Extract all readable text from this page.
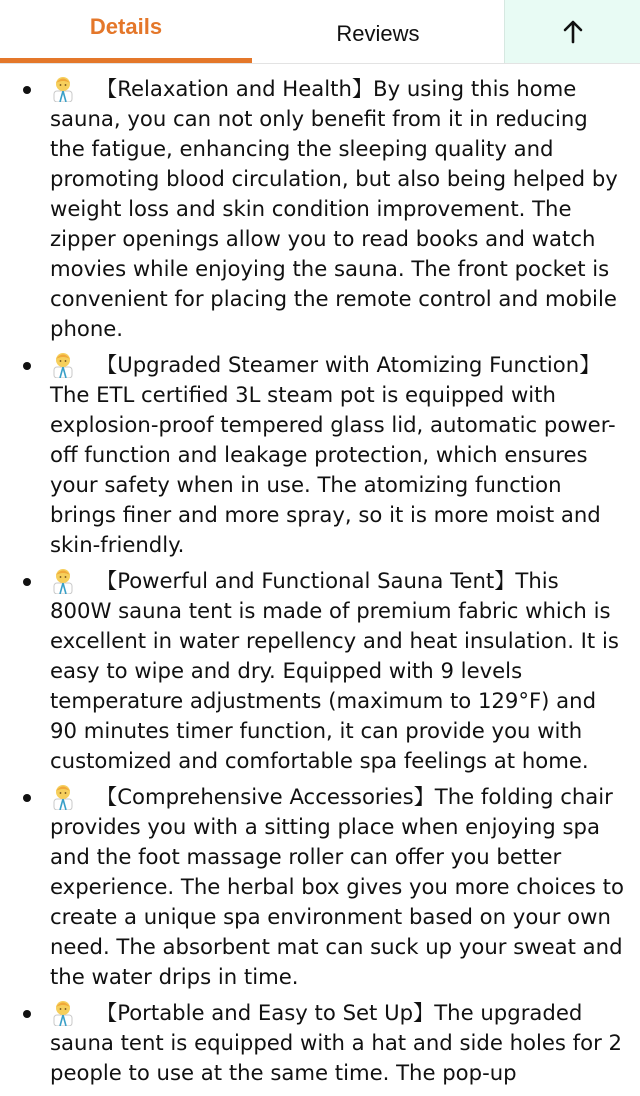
Details	Reviews
【Relaxation and Health】By using this home sauna, you can not only benefit from it in reducing the fatigue, enhancing the sleeping quality and promoting blood circulation, but also being helped by weight loss and skin condition improvement. The zipper openings allow you to read books and watch movies while enjoying the sauna. The front pocket is convenient for placing the remote control and mobile phone.
【Upgraded Steamer with Atomizing Function】The ETL certified 3L steam pot is equipped with explosion-proof tempered glass lid, automatic power-off function and leakage protection, which ensures your safety when in use. The atomizing function brings finer and more spray, so it is more moist and skin-friendly.
【Powerful and Functional Sauna Tent】This 800W sauna tent is made of premium fabric which is excellent in water repellency and heat insulation. It is easy to wipe and dry. Equipped with 9 levels temperature adjustments (maximum to 129°F) and 90 minutes timer function, it can provide you with customized and comfortable spa feelings at home.
【Comprehensive Accessories】The folding chair provides you with a sitting place when enjoying spa and the foot massage roller can offer you better experience. The herbal box gives you more choices to create a unique spa environment based on your own need. The absorbent mat can suck up your sweat and the water drips in time.
【Portable and Easy to Set Up】The upgraded sauna tent is equipped with a hat and side holes for 2 people to use at the same time. The pop-up
